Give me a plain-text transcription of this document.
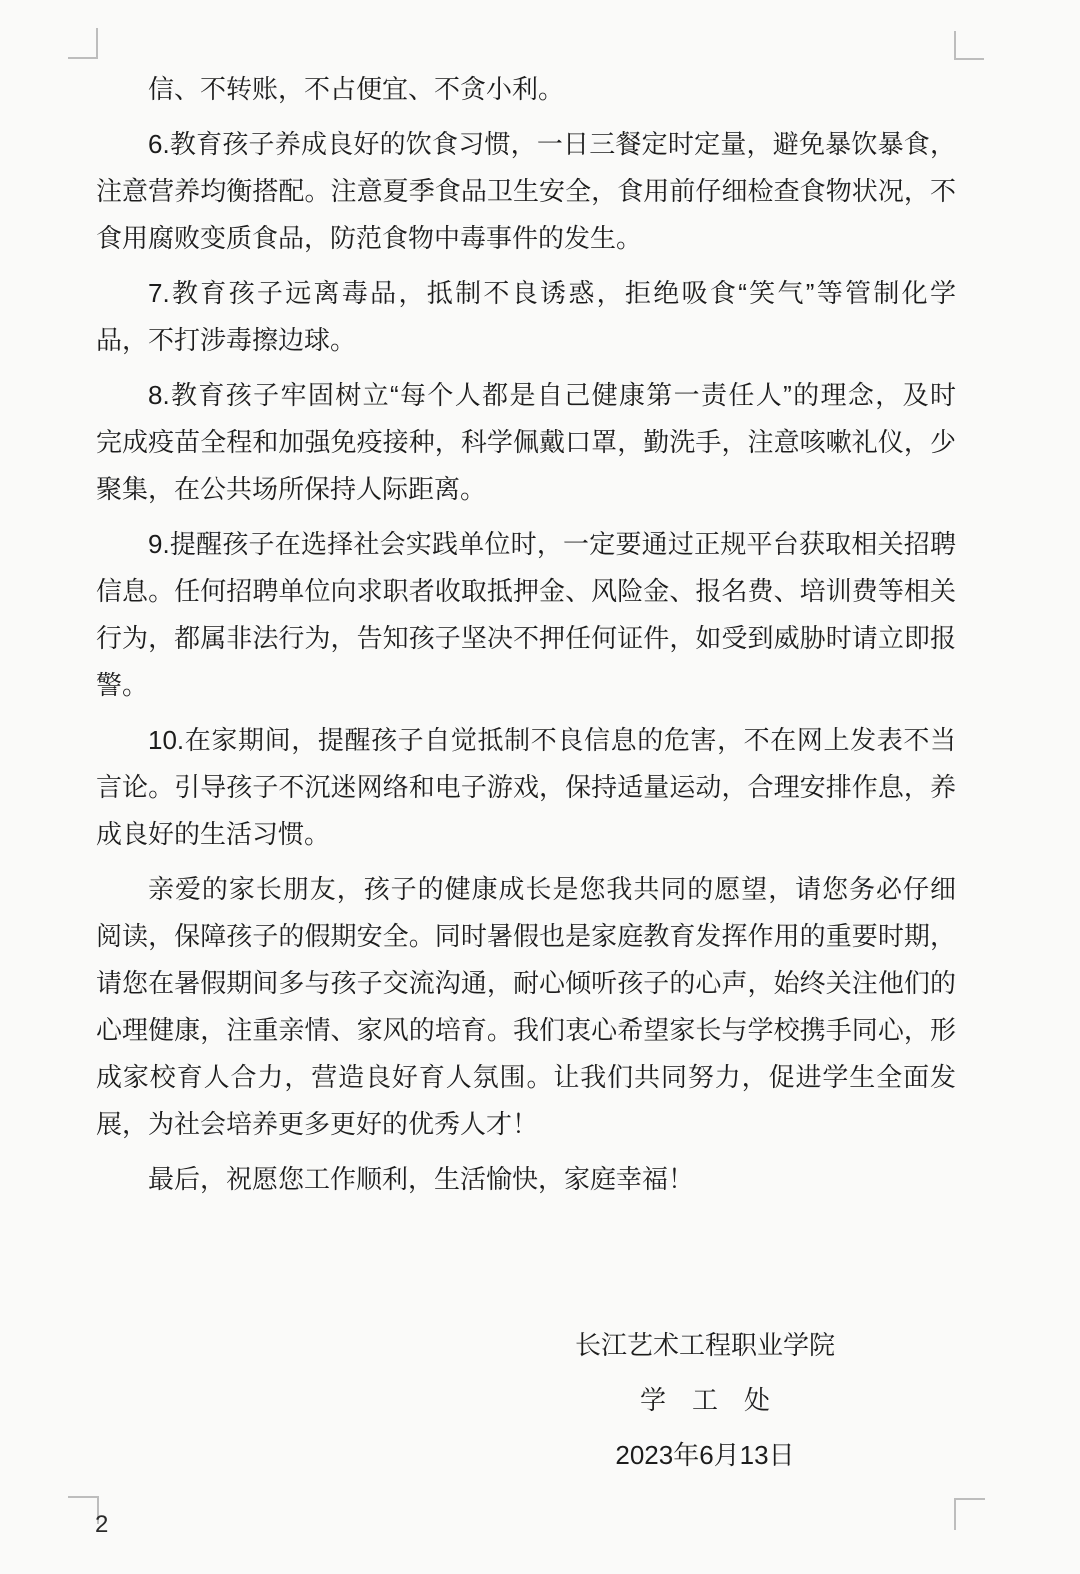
信、不转账，不占便宜、不贪小利。
6.教育孩子养成良好的饮食习惯，一日三餐定时定量，避免暴饮暴食，
注意营养均衡搭配。注意夏季食品卫生安全，食用前仔细检查食物状况，不
食用腐败变质食品，防范食物中毒事件的发生。
7.教育孩子远离毒品，抵制不良诱惑，拒绝吸食“笑气”等管制化学
品，不打涉毒擦边球。
8.教育孩子牢固树立“每个人都是自己健康第一责任人”的理念，及时
完成疫苗全程和加强免疫接种，科学佩戴口罩，勤洗手，注意咳嗽礼仪，少
聚集，在公共场所保持人际距离。
9.提醒孩子在选择社会实践单位时，一定要通过正规平台获取相关招聘
信息。任何招聘单位向求职者收取抵押金、风险金、报名费、培训费等相关
行为，都属非法行为，告知孩子坚决不押任何证件，如受到威胁时请立即报
警。
10.在家期间，提醒孩子自觉抵制不良信息的危害，不在网上发表不当
言论。引导孩子不沉迷网络和电子游戏，保持适量运动，合理安排作息，养
成良好的生活习惯。
亲爱的家长朋友，孩子的健康成长是您我共同的愿望，请您务必仔细
阅读，保障孩子的假期安全。同时暑假也是家庭教育发挥作用的重要时期，
请您在暑假期间多与孩子交流沟通，耐心倾听孩子的心声，始终关注他们的
心理健康，注重亲情、家风的培育。我们衷心希望家长与学校携手同心，形
成家校育人合力，营造良好育人氛围。让我们共同努力，促进学生全面发
展，为社会培养更多更好的优秀人才！
最后，祝愿您工作顺利，生活愉快，家庭幸福！
长江艺术工程职业学院
学　工　处
2023年6月13日
2
